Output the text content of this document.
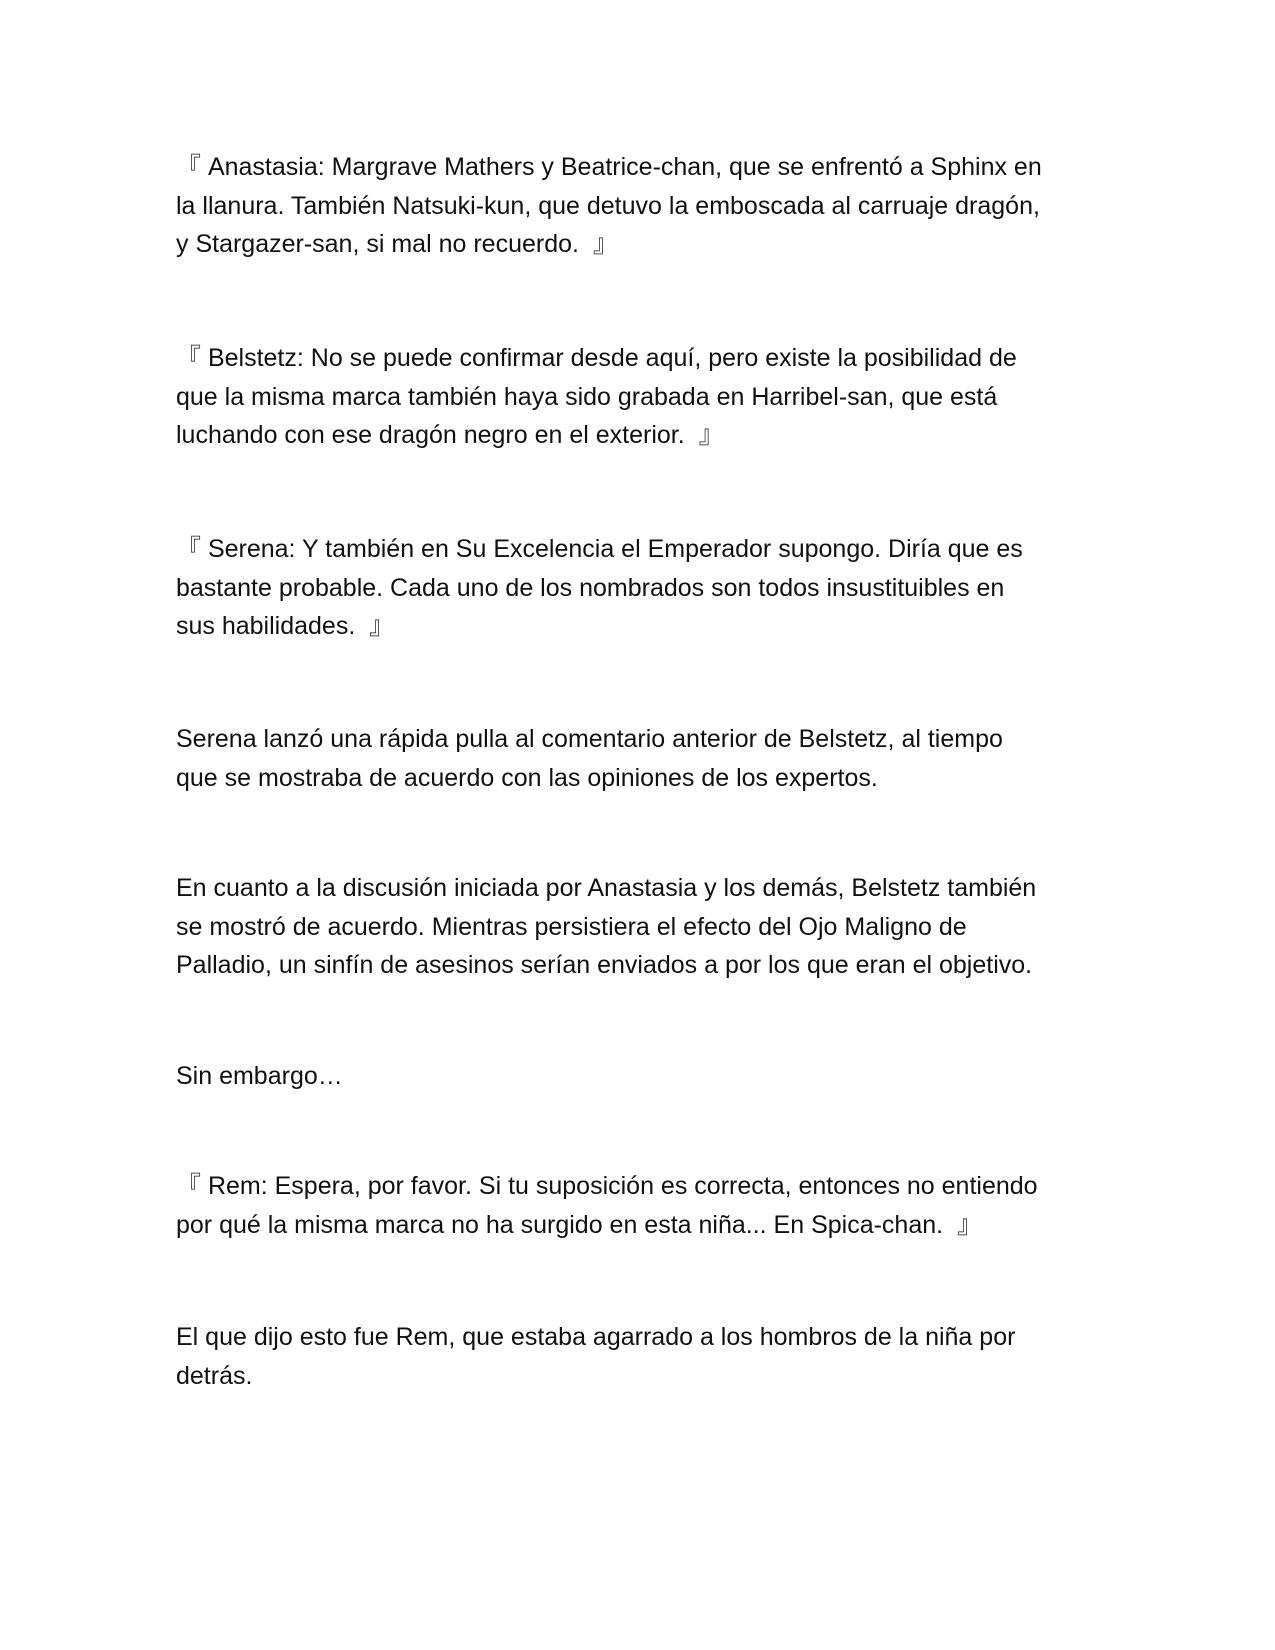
『 Anastasia: Margrave Mathers y Beatrice-chan, que se enfrentó a Sphinx en
la llanura. También Natsuki-kun, que detuvo la emboscada al carruaje dragón,
y Stargazer-san, si mal no recuerdo.  』

『 Belstetz: No se puede confirmar desde aquí, pero existe la posibilidad de
que la misma marca también haya sido grabada en Harribel-san, que está
luchando con ese dragón negro en el exterior.  』

『 Serena: Y también en Su Excelencia el Emperador supongo. Diría que es
bastante probable. Cada uno de los nombrados son todos insustituibles en
sus habilidades.  』

Serena lanzó una rápida pulla al comentario anterior de Belstetz, al tiempo
que se mostraba de acuerdo con las opiniones de los expertos.

En cuanto a la discusión iniciada por Anastasia y los demás, Belstetz también
se mostró de acuerdo. Mientras persistiera el efecto del Ojo Maligno de
Palladio, un sinfín de asesinos serían enviados a por los que eran el objetivo.

Sin embargo…

『 Rem: Espera, por favor. Si tu suposición es correcta, entonces no entiendo
por qué la misma marca no ha surgido en esta niña... En Spica-chan.  』

El que dijo esto fue Rem, que estaba agarrado a los hombros de la niña por
detrás.
